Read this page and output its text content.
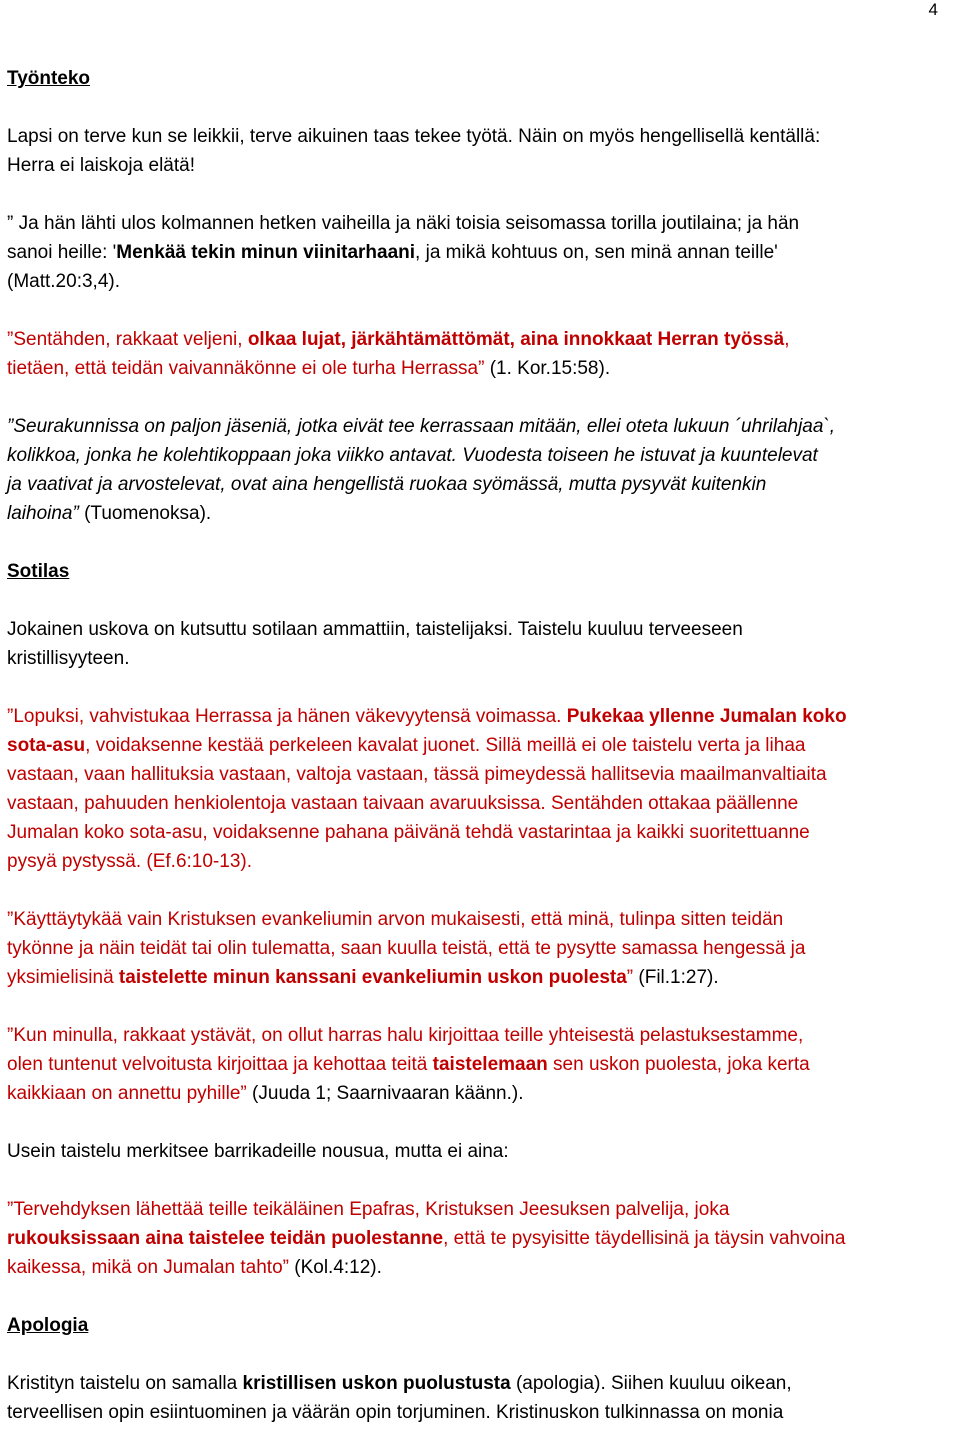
4

Työnteko

Lapsi on terve kun se leikkii, terve aikuinen taas tekee työtä. Näin on myös hengellisellä kentällä:
Herra ei laiskoja elätä!

” Ja hän lähti ulos kolmannen hetken vaiheilla ja näki toisia seisomassa torilla joutilaina; ja hän
sanoi heille: 'Menkää tekin minun viinitarhaani, ja mikä kohtuus on, sen minä annan teille'
(Matt.20:3,4).

”Sentähden, rakkaat veljeni, olkaa lujat, järkähtämättömät, aina innokkaat Herran työssä,
tietäen, että teidän vaivannäkönne ei ole turha Herrassa” (1. Kor.15:58).

”Seurakunnissa on paljon jäseniä, jotka eivät tee kerrassaan mitään, ellei oteta lukuun ´uhrilahjaa`,
kolikkoa, jonka he kolehtikoppaan joka viikko antavat. Vuodesta toiseen he istuvat ja kuuntelevat
ja vaativat ja arvostelevat, ovat aina hengellistä ruokaa syömässä, mutta pysyvät kuitenkin
laihoina” (Tuomenoksa).

Sotilas

Jokainen uskova on kutsuttu sotilaan ammattiin, taistelijaksi. Taistelu kuuluu terveeseen
kristillisyyteen.

”Lopuksi, vahvistukaa Herrassa ja hänen väkevyytensä voimassa. Pukekaa yllenne Jumalan koko
sota-asu, voidaksenne kestää perkeleen kavalat juonet. Sillä meillä ei ole taistelu verta ja lihaa
vastaan, vaan hallituksia vastaan, valtoja vastaan, tässä pimeydessä hallitsevia maailmanvaltiaita
vastaan, pahuuden henkiolentoja vastaan taivaan avaruuksissa. Sentähden ottakaa päällenne
Jumalan koko sota-asu, voidaksenne pahana päivänä tehdä vastarintaa ja kaikki suoritettuanne
pysyä pystyssä. (Ef.6:10-13).

”Käyttäytykää vain Kristuksen evankeliumin arvon mukaisesti, että minä, tulinpa sitten teidän
tykönne ja näin teidät tai olin tulematta, saan kuulla teistä, että te pysytte samassa hengessä ja
yksimielisinä taistelette minun kanssani evankeliumin uskon puolesta” (Fil.1:27).

”Kun minulla, rakkaat ystävät, on ollut harras halu kirjoittaa teille yhteisestä pelastuksestamme,
olen tuntenut velvoitusta kirjoittaa ja kehottaa teitä taistelemaan sen uskon puolesta, joka kerta
kaikkiaan on annettu pyhille” (Juuda 1; Saarnivaaran käänn.).

Usein taistelu merkitsee barrikadeille nousua, mutta ei aina:

”Tervehdyksen lähettää teille teikäläinen Epafras, Kristuksen Jeesuksen palvelija, joka
rukouksissaan aina taistelee teidän puolestanne, että te pysyisitte täydellisinä ja täysin vahvoina
kaikessa, mikä on Jumalan tahto” (Kol.4:12).

Apologia

Kristityn taistelu on samalla kristillisen uskon puolustusta (apologia). Siihen kuuluu oikean,
terveellisen opin esiintuominen ja väärän opin torjuminen. Kristinuskon tulkinnassa on monia
